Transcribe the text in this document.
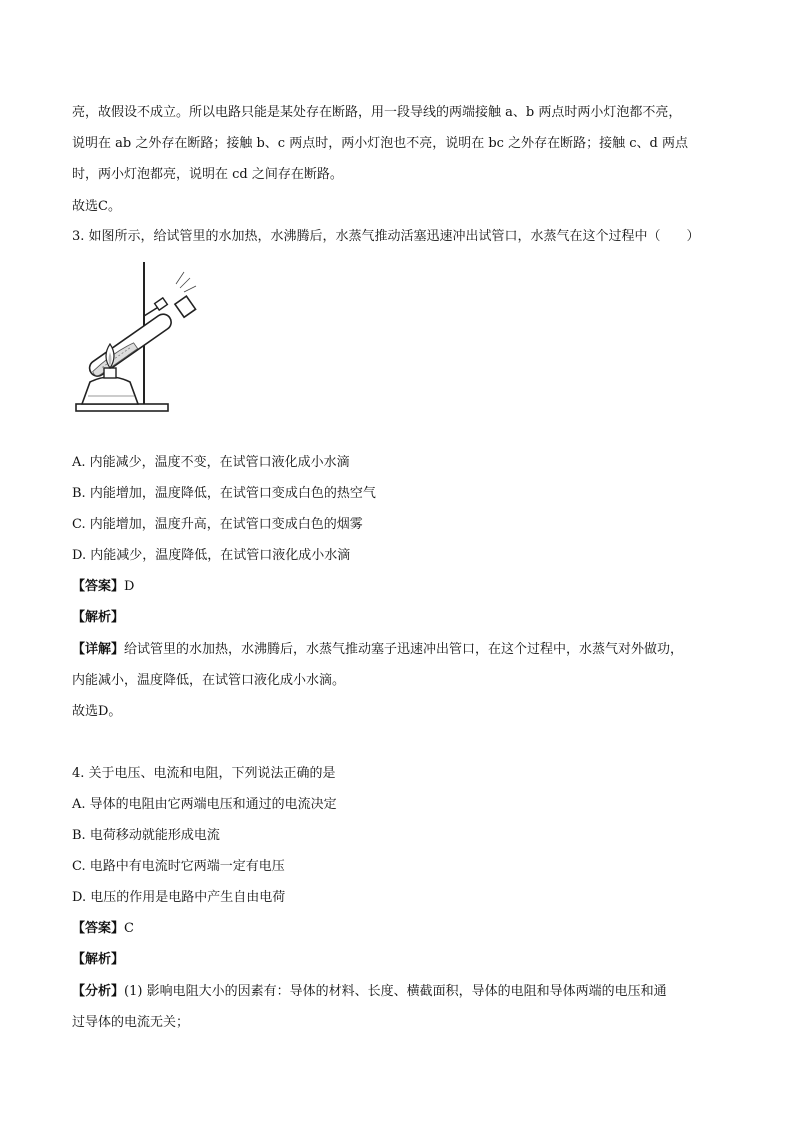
亮，故假设不成立。所以电路只能是某处存在断路，用一段导线的两端接触 a、b 两点时两小灯泡都不亮，
说明在 ab 之外存在断路；接触 b、c 两点时，两小灯泡也不亮，说明在 bc 之外存在断路；接触 c、d 两点
时，两小灯泡都亮，说明在 cd 之间存在断路。
故选C。
3. 如图所示，给试管里的水加热，水沸腾后，水蒸气推动活塞迅速冲出试管口，水蒸气在这个过程中（　　）
A. 内能减少，温度不变，在试管口液化成小水滴
B. 内能增加，温度降低，在试管口变成白色的热空气
C. 内能增加，温度升高，在试管口变成白色的烟雾
D. 内能减少，温度降低，在试管口液化成小水滴
【答案】D
【解析】
【详解】给试管里的水加热，水沸腾后，水蒸气推动塞子迅速冲出管口，在这个过程中，水蒸气对外做功，
内能减小，温度降低，在试管口液化成小水滴。
故选D。
4. 关于电压、电流和电阻，下列说法正确的是
A. 导体的电阻由它两端电压和通过的电流决定
B. 电荷移动就能形成电流
C. 电路中有电流时它两端一定有电压
D. 电压的作用是电路中产生自由电荷
【答案】C
【解析】
【分析】(1) 影响电阻大小的因素有：导体的材料、长度、横截面积，导体的电阻和导体两端的电压和通
过导体的电流无关；
